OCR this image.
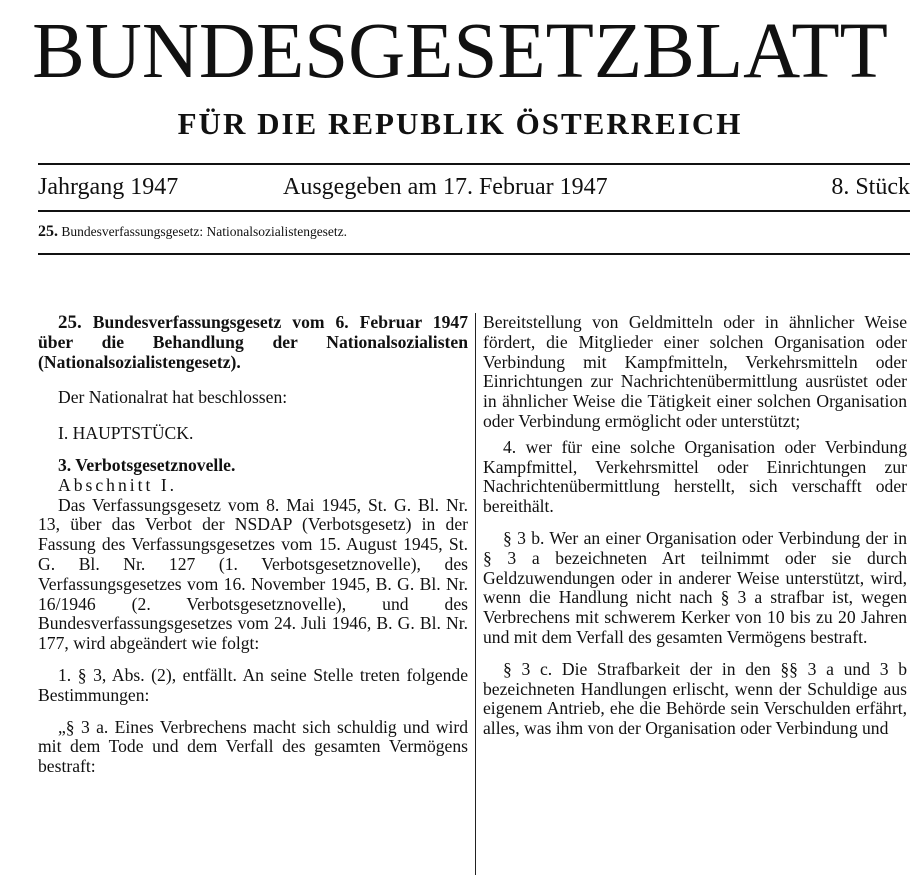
BUNDESGESETZBLATT
FÜR DIE REPUBLIK ÖSTERREICH
Jahrgang 1947	Ausgegeben am 17. Februar 1947	8. Stück
25. Bundesverfassungsgesetz: Nationalsozialistengesetz.

25. Bundesverfassungsgesetz vom 6. Februar 1947 über die Behandlung der Nationalsozialisten (Nationalsozialistengesetz).

Der Nationalrat hat beschlossen:

I. HAUPTSTÜCK.

3. Verbotsgesetznovelle.

Abschnitt I.

Das Verfassungsgesetz vom 8. Mai 1945, St. G. Bl. Nr. 13, über das Verbot der NSDAP (Verbotsgesetz) in der Fassung des Verfassungsgesetzes vom 15. August 1945, St. G. Bl. Nr. 127 (1. Verbotsgesetznovelle), des Verfassungsgesetzes vom 16. November 1945, B. G. Bl. Nr. 16/1946 (2. Verbotsgesetznovelle), und des Bundesverfassungsgesetzes vom 24. Juli 1946, B. G. Bl. Nr. 177, wird abgeändert wie folgt:

1. § 3, Abs. (2), entfällt. An seine Stelle treten folgende Bestimmungen:

„§ 3 a. Eines Verbrechens macht sich schuldig und wird mit dem Tode und dem Verfall des gesamten Vermögens bestraft:

Bereitstellung von Geldmitteln oder in ähnlicher Weise fördert, die Mitglieder einer solchen Organisation oder Verbindung mit Kampfmitteln, Verkehrsmitteln oder Einrichtungen zur Nachrichtenübermittlung ausrüstet oder in ähnlicher Weise die Tätigkeit einer solchen Organisation oder Verbindung ermöglicht oder unterstützt;

4. wer für eine solche Organisation oder Verbindung Kampfmittel, Verkehrsmittel oder Einrichtungen zur Nachrichtenübermittlung herstellt, sich verschafft oder bereithält.

§ 3 b. Wer an einer Organisation oder Verbindung der in § 3 a bezeichneten Art teilnimmt oder sie durch Geldzuwendungen oder in anderer Weise unterstützt, wird, wenn die Handlung nicht nach § 3 a strafbar ist, wegen Verbrechens mit schwerem Kerker von 10 bis zu 20 Jahren und mit dem Verfall des gesamten Vermögens bestraft.

§ 3 c. Die Strafbarkeit der in den §§ 3 a und 3 b bezeichneten Handlungen erlischt, wenn der Schuldige aus eigenem Antrieb, ehe die Behörde sein Verschulden erfährt, alles, was ihm von der Organisation oder Verbindung und
